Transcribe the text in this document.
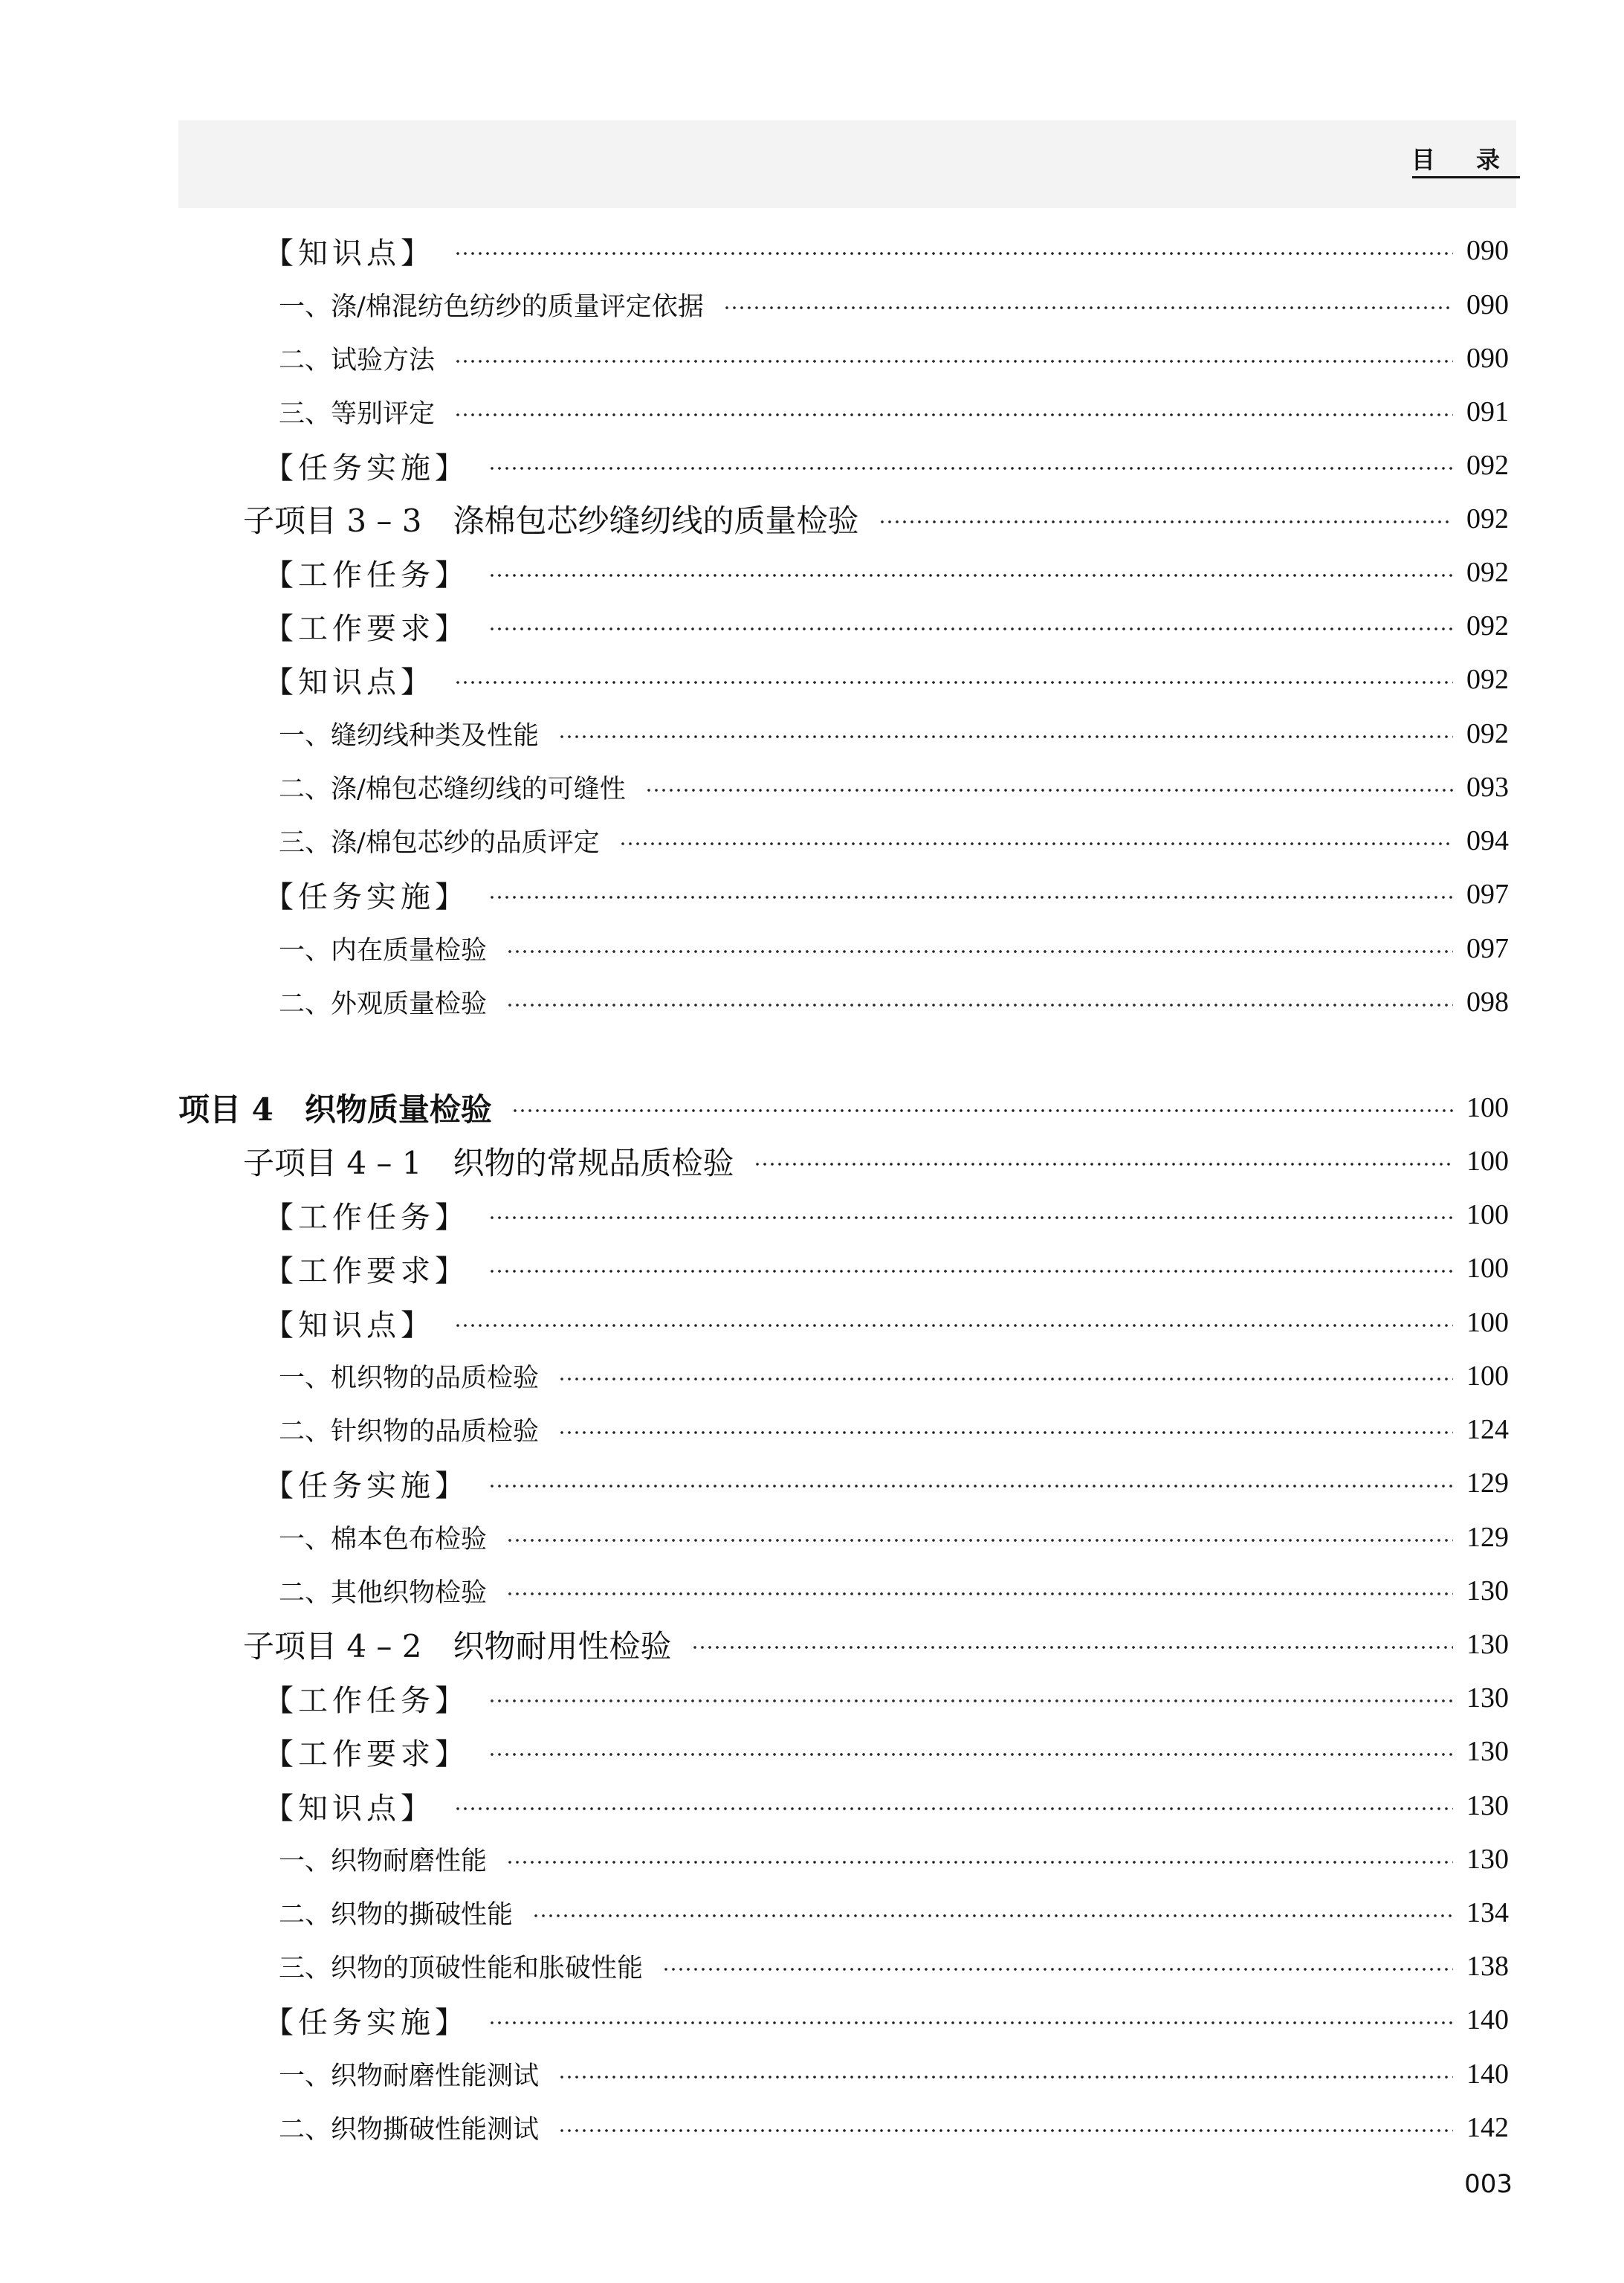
目 录
【知识点】	090
一、涤/棉混纺色纺纱的质量评定依据	090
二、试验方法	090
三、等别评定	091
【任务实施】	092
子项目 3 – 3　涤棉包芯纱缝纫线的质量检验	092
【工作任务】	092
【工作要求】	092
【知识点】	092
一、缝纫线种类及性能	092
二、涤/棉包芯缝纫线的可缝性	093
三、涤/棉包芯纱的品质评定	094
【任务实施】	097
一、内在质量检验	097
二、外观质量检验	098
项目 4　织物质量检验	100
子项目 4 – 1　织物的常规品质检验	100
【工作任务】	100
【工作要求】	100
【知识点】	100
一、机织物的品质检验	100
二、针织物的品质检验	124
【任务实施】	129
一、棉本色布检验	129
二、其他织物检验	130
子项目 4 – 2　织物耐用性检验	130
【工作任务】	130
【工作要求】	130
【知识点】	130
一、织物耐磨性能	130
二、织物的撕破性能	134
三、织物的顶破性能和胀破性能	138
【任务实施】	140
一、织物耐磨性能测试	140
二、织物撕破性能测试	142
003
